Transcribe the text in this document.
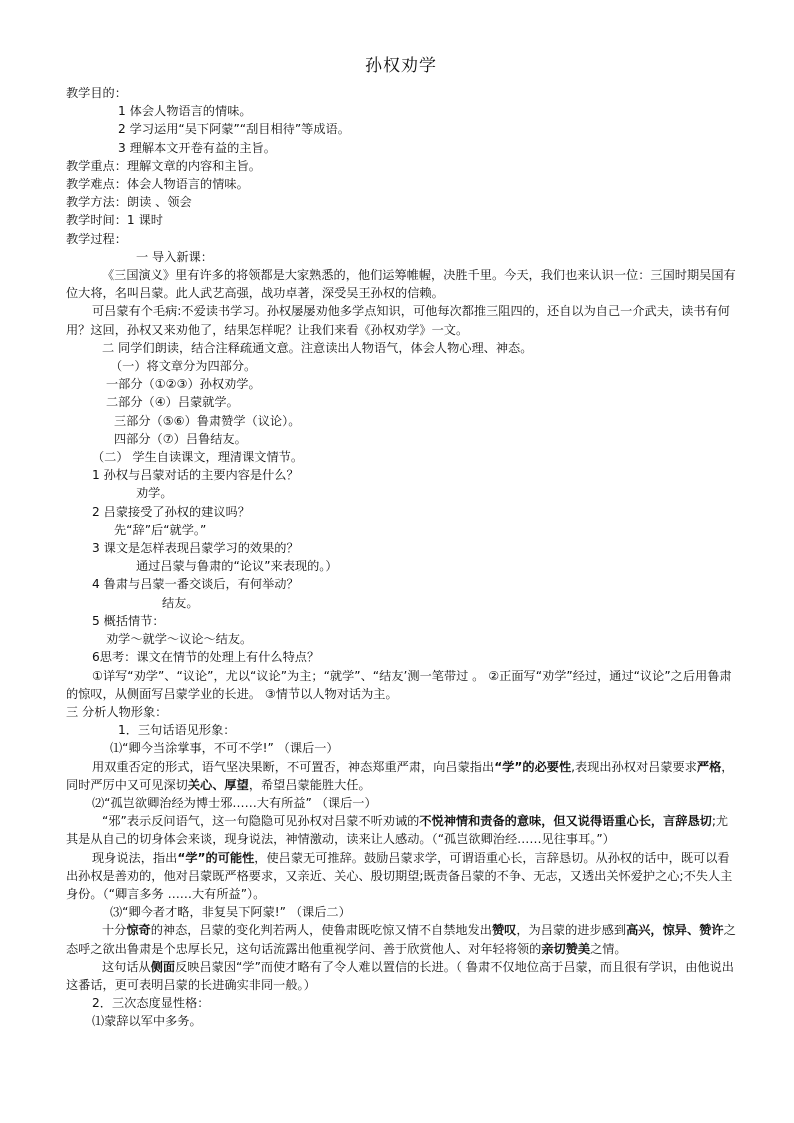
孙权劝学
教学目的：
1 体会人物语言的情味。
2 学习运用“吴下阿蒙”“刮目相待”等成语。
3 理解本文开卷有益的主旨。
教学重点：理解文章的内容和主旨。
教学难点：体会人物语言的情味。
教学方法：朗读 、领会
教学时间：1 课时
教学过程：
一 导入新课：
《三国演义》里有许多的将领都是大家熟悉的，他们运筹帷幄，决胜千里。今天，我们也来认识一位：三国时期吴国有位大将，名叫吕蒙。此人武艺高强，战功卓著，深受吴王孙权的信赖。
可吕蒙有个毛病:不爱读书学习。孙权屡屡劝他多学点知识，可他每次都推三阻四的，还自以为自己一介武夫，读书有何用？这回，孙权又来劝他了，结果怎样呢？让我们来看《孙权劝学》一文。
二 同学们朗读，结合注释疏通文意。注意读出人物语气，体会人物心理、神态。
（一）将文章分为四部分。
一部分（①②③）孙权劝学。
二部分（④）吕蒙就学。
三部分（⑤⑥）鲁肃赞学（议论）。
四部分（⑦）吕鲁结友。
（二） 学生自读课文，理清课文情节。
1 孙权与吕蒙对话的主要内容是什么？
劝学。
2 吕蒙接受了孙权的建议吗？
先“辞”后“就学。”
3 课文是怎样表现吕蒙学习的效果的？
通过吕蒙与鲁肃的“论议”来表现的。）
4 鲁肃与吕蒙一番交谈后，有何举动？
结友。
5 概括情节：
劝学～就学～议论～结友。
6思考：课文在情节的处理上有什么特点？
①详写“劝学”、“议论”，尤以“议论”为主；“就学”、“结友’测一笔带过 。 ②正面写“劝学”经过，通过“议论”之后用鲁肃的惊叹，从侧面写吕蒙学业的长进。 ③情节以人物对话为主。
三 分析人物形象：
1．三句话语见形象：
⑴“卿今当涂掌事，不可不学!” （课后一）
用双重否定的形式，语气坚决果断，不可置否，神态郑重严肃，向吕蒙指出“学”的必要性,表现出孙权对吕蒙要求严格，同时严厉中又可见深切关心、厚望，希望吕蒙能胜大任。
⑵“孤岂欲卿治经为博士邪……大有所益” （课后一）
“邪”表示反问语气，这一句隐隐可见孙权对吕蒙不听劝诫的不悦神情和责备的意味，但又说得语重心长，言辞恳切;尤其是从自己的切身体会来谈，现身说法，神情激动，读来让人感动。（“孤岂欲卿治经……见往事耳。”）
现身说法，指出“学”的可能性，使吕蒙无可推辞。鼓励吕蒙求学，可谓语重心长，言辞恳切。从孙权的话中，既可以看出孙权是善劝的，他对吕蒙既严格要求，又亲近、关心、殷切期望;既责备吕蒙的不争、无志，又透出关怀爱护之心;不失人主身份。（“卿言多务 ……大有所益”）。
⑶“卿今者才略，非复吴下阿蒙!” （课后二）
十分惊奇的神态，吕蒙的变化判若两人，使鲁肃既吃惊又情不自禁地发出赞叹，为吕蒙的进步感到高兴，惊异、赞许之态呼之欲出鲁肃是个忠厚长兄，这句话流露出他重视学问、善于欣赏他人、对年轻将领的亲切赞美之情。
这句话从侧面反映吕蒙因“学”而使才略有了令人难以置信的长进。（ 鲁肃不仅地位高于吕蒙，而且很有学识，由他说出这番话，更可表明吕蒙的长进确实非同一般。）
2．三次态度显性格：
⑴蒙辞以军中多务。
